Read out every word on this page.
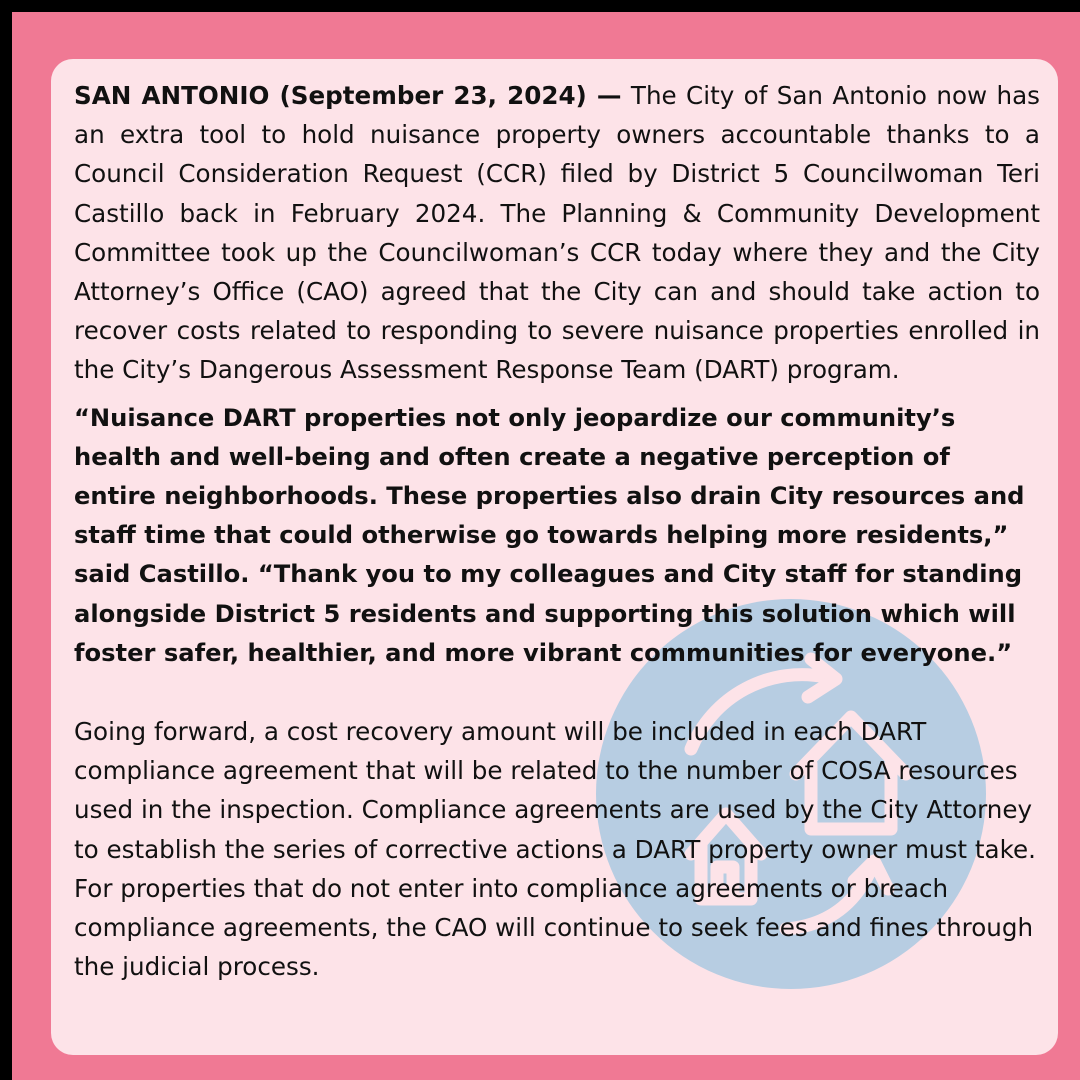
SAN ANTONIO (September 23, 2024) — The City of San Antonio now has an extra tool to hold nuisance property owners accountable thanks to a Council Consideration Request (CCR) filed by District 5 Councilwoman Teri Castillo back in February 2024. The Planning & Community Development Committee took up the Councilwoman’s CCR today where they and the City Attorney’s Office (CAO) agreed that the City can and should take action to recover costs related to responding to severe nuisance properties enrolled in the City’s Dangerous Assessment Response Team (DART) program.

“Nuisance DART properties not only jeopardize our community’s health and well-being and often create a negative perception of entire neighborhoods. These properties also drain City resources and staff time that could otherwise go towards helping more residents,” said Castillo. “Thank you to my colleagues and City staff for standing alongside District 5 residents and supporting this solution which will foster safer, healthier, and more vibrant communities for everyone.”

Going forward, a cost recovery amount will be included in each DART compliance agreement that will be related to the number of COSA resources used in the inspection. Compliance agreements are used by the City Attorney to establish the series of corrective actions a DART property owner must take. For properties that do not enter into compliance agreements or breach compliance agreements, the CAO will continue to seek fees and fines through the judicial process.
